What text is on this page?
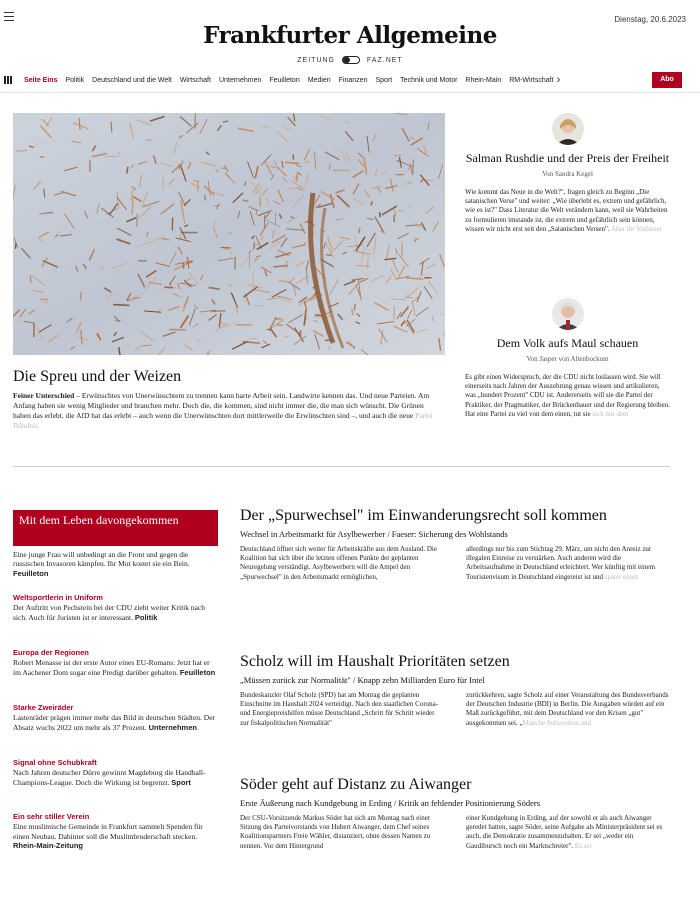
Dienstag, 20.6.2023
Frankfurter Allgemeine
ZEITUNG	FAZ.NET
Seite Eins Politik Deutschland und die Welt Wirtschaft Unternehmen Feuilleton Medien Finanzen Sport Technik und Motor Rhein-Main RM-Wirtschaft ›	Abo
Die Spreu und der Weizen
Feiner Unterschied – Erwünschtes von Unerwünschtem zu trennen kann harte Arbeit sein. Landwirte kennen das. Und neue Parteien. Am Anfang haben sie wenig Mitglieder und brauchen mehr. Doch die, die kommen, sind nicht immer die, die man sich wünscht. Die Grünen haben das erlebt, die AfD hat das erlebt – auch wenn die Unerwünschten dort mittlerweile die Erwünschten sind –, und auch die neue Partei Bündnis
Salman Rushdie und der Preis der Freiheit
Von Sandra Kegel
Wie kommt das Neue in die Welt?", fragen gleich zu Beginn „Die satanischen Verse" und weiter: „Wie überlebt es, extrem und gefährlich, wie es ist?" Dass Literatur die Welt verändern kann, weil sie Wahrheiten zu formulieren imstande ist, die extrem und gefährlich sein können, wissen wir nicht erst seit den „Satanischen Versen". Aber ihr Verfasser
Dem Volk aufs Maul schauen
Von Jasper von Altenbockum
Es gibt einen Widerspruch, der die CDU nicht loslassen wird. Sie will einerseits nach Jahren der Auszehrung genau wissen und artikulieren, was „hundert Prozent" CDU ist. Andererseits will sie die Partei der Praktiker, der Pragmatiker, der Brückenbauer und der Regierung bleiben. Hat eine Partei zu viel von dem einen, tut sie sich mit dem
Mit dem Leben davongekommen
Eine junge Frau will unbedingt an die Front und gegen die russischen Invasoren kämpfen. Ihr Mut kostet sie ein Bein. Feuilleton
Weltsportlerin in Uniform
Der Auftritt von Pechstein bei der CDU zieht weiter Kritik nach sich. Auch für Juristen ist er interessant. Politik
Europa der Regionen
Robert Menasse ist der erste Autor eines EU-Romans: Jetzt hat er im Aachener Dom sogar eine Predigt darüber gehalten. Feuilleton
Starke Zweiräder
Lastenräder prägen immer mehr das Bild in deutschen Städten. Der Absatz wuchs 2022 um mehr als 37 Prozent. Unternehmen
Signal ohne Schubkraft
Nach Jahren deutscher Dürre gewinnt Magdeburg die Handball-Champions-League. Doch die Wirkung ist begrenzt. Sport
Ein sehr stiller Verein
Eine muslimische Gemeinde in Frankfurt sammelt Spenden für einen Neubau. Dahinter soll die Muslimbruderschaft stecken. Rhein-Main-Zeitung
Der „Spurwechsel" im Einwanderungsrecht soll kommen
Wechsel in Arbeitsmarkt für Asylbewerber / Faeser: Sicherung des Wohlstands
Deutschland öffnet sich weiter für Arbeitskräfte aus dem Ausland. Die Koalition hat sich über die letzten offenen Punkte der geplanten Neuregelung verständigt. Asylbewerbern will die Ampel den „Spurwechsel" in den Arbeitsmarkt ermöglichen,
allerdings nur bis zum Stichtag 29. März, um nicht den Anreiz zur illegalen Einreise zu verstärken. Auch anderen wird die Arbeitsaufnahme in Deutschland erleichtert. Wer künftig mit einem Touristenvisum in Deutschland eingereist ist und später einen
Scholz will im Haushalt Prioritäten setzen
„Müssen zurück zur Normalität" / Knapp zehn Milliarden Euro für Intel
Bundeskanzler Olaf Scholz (SPD) hat am Montag die geplanten Einschnitte im Haushalt 2024 verteidigt. Nach den staatlichen Corona- und Energiepreishilfen müsse Deutschland „Schritt für Schritt wieder zur fiskalpolitischen Normalität"
zurückkehren, sagte Scholz auf einer Veranstaltung des Bundesverbands der Deutschen Industrie (BDI) in Berlin. Die Ausgaben würden auf ein Maß zurückgeführt, mit dem Deutschland vor den Krisen „gut" ausgekommen sei. „Manche Subvention und
Söder geht auf Distanz zu Aiwanger
Erste Äußerung nach Kundgebung in Erding / Kritik an fehlender Positionierung Söders
Der CSU-Vorsitzende Markus Söder hat sich am Montag nach einer Sitzung des Parteivorstands von Hubert Aiwanger, dem Chef seines Koalitionspartners Freie Wähler, distanziert, ohne dessen Namen zu nennen. Vor dem Hintergrund
einer Kundgebung in Erding, auf der sowohl er als auch Aiwanger geredet hatten, sagte Söder, seine Aufgabe als Ministerpräsident sei es auch, die Demokratie zusammenzuhalten. Er sei „weder ein Gaudibursch noch ein Marktschreier". Es sei
